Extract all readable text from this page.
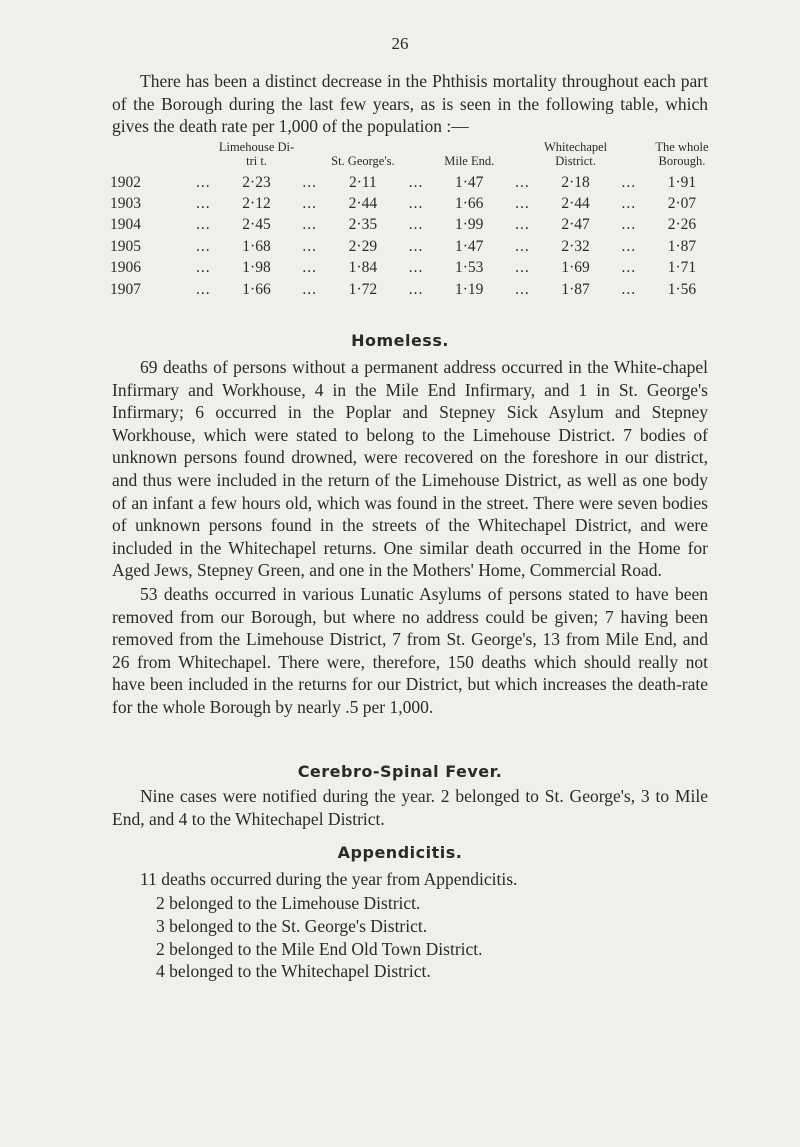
26
There has been a distinct decrease in the Phthisis mortality throughout each part of the Borough during the last few years, as is seen in the following table, which gives the death rate per 1,000 of the population :—
		Limehouse Di-tri t.		St. George's.		Mile End.		Whitechapel District.		The whole Borough.
1902	...	2·23	...	2·11	...	1·47	...	2·18	...	1·91
1903	...	2·12	...	2·44	...	1·66	...	2·44	...	2·07
1904	...	2·45	...	2·35	...	1·99	...	2·47	...	2·26
1905	...	1·68	...	2·29	...	1·47	...	2·32	...	1·87
1906	...	1·98	...	1·84	...	1·53	...	1·69	...	1·71
1907	...	1·66	...	1·72	...	1·19	...	1·87	...	1·56
Homeless.
69 deaths of persons without a permanent address occurred in the White-chapel Infirmary and Workhouse, 4 in the Mile End Infirmary, and 1 in St. George's Infirmary; 6 occurred in the Poplar and Stepney Sick Asylum and Stepney Workhouse, which were stated to belong to the Limehouse District. 7 bodies of unknown persons found drowned, were recovered on the foreshore in our district, and thus were included in the return of the Limehouse District, as well as one body of an infant a few hours old, which was found in the street. There were seven bodies of unknown persons found in the streets of the Whitechapel District, and were included in the Whitechapel returns. One similar death occurred in the Home for Aged Jews, Stepney Green, and one in the Mothers' Home, Commercial Road.
53 deaths occurred in various Lunatic Asylums of persons stated to have been removed from our Borough, but where no address could be given; 7 having been removed from the Limehouse District, 7 from St. George's, 13 from Mile End, and 26 from Whitechapel. There were, therefore, 150 deaths which should really not have been included in the returns for our District, but which increases the death-rate for the whole Borough by nearly .5 per 1,000.
Cerebro-Spinal Fever.
Nine cases were notified during the year. 2 belonged to St. George's, 3 to Mile End, and 4 to the Whitechapel District.
Appendicitis.
11 deaths occurred during the year from Appendicitis.
2 belonged to the Limehouse District.
3 belonged to the St. George's District.
2 belonged to the Mile End Old Town District.
4 belonged to the Whitechapel District.
